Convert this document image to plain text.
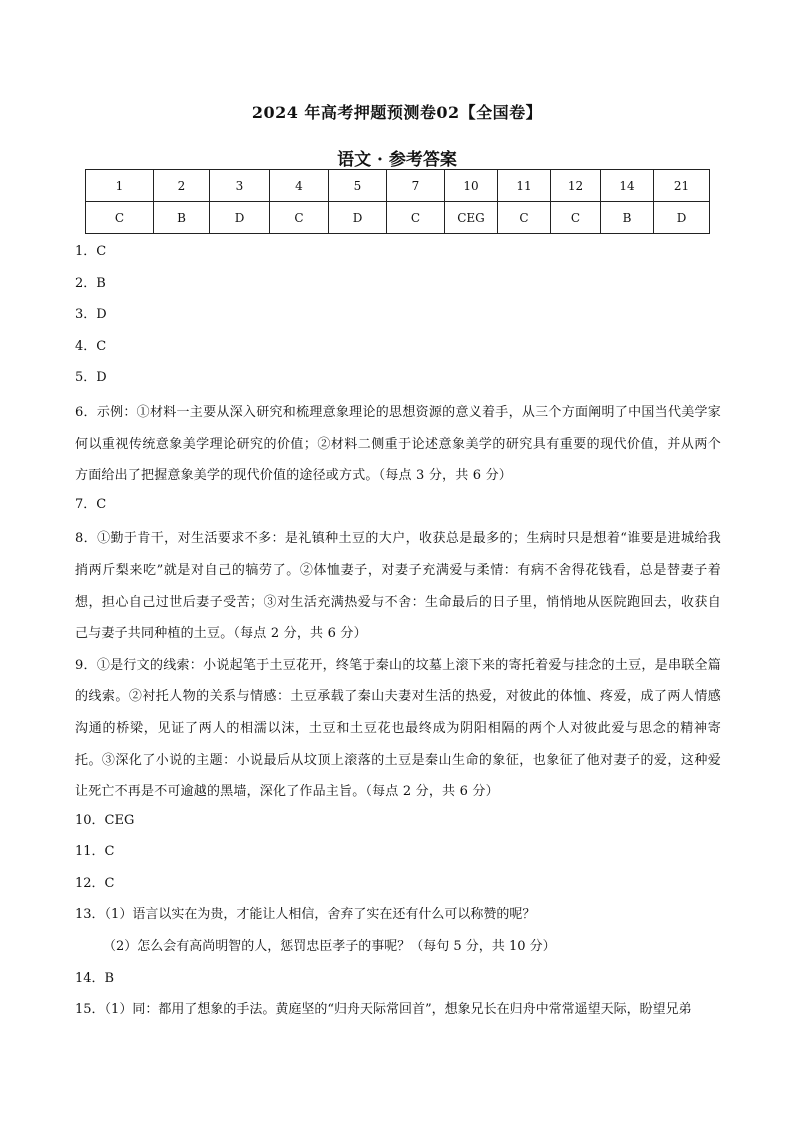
2024 年高考押题预测卷02【全国卷】
语文 · 参考答案
1	2	3	4	5	7	10	11	12	14	21
C	B	D	C	D	C	CEG	C	C	B	D
1．C
2．B
3．D
4．C
5．D
6．示例：①材料一主要从深入研究和梳理意象理论的思想资源的意义着手，从三个方面阐明了中国当代美学家何以重视传统意象美学理论研究的价值；②材料二侧重于论述意象美学的研究具有重要的现代价值，并从两个方面给出了把握意象美学的现代价值的途径或方式。（每点 3 分，共 6 分）
7．C
8．①勤于肯干，对生活要求不多：是礼镇种土豆的大户，收获总是最多的；生病时只是想着“谁要是进城给我捎两斤梨来吃”就是对自己的犒劳了。②体恤妻子，对妻子充满爱与柔情：有病不舍得花钱看，总是替妻子着想，担心自己过世后妻子受苦；③对生活充满热爱与不舍：生命最后的日子里，悄悄地从医院跑回去，收获自己与妻子共同种植的土豆。（每点 2 分，共 6 分）
9．①是行文的线索：小说起笔于土豆花开，终笔于秦山的坟墓上滚下来的寄托着爱与挂念的土豆，是串联全篇的线索。②衬托人物的关系与情感：土豆承载了秦山夫妻对生活的热爱，对彼此的体恤、疼爱，成了两人情感沟通的桥梁，见证了两人的相濡以沫，土豆和土豆花也最终成为阴阳相隔的两个人对彼此爱与思念的精神寄托。③深化了小说的主题：小说最后从坟顶上滚落的土豆是秦山生命的象征，也象征了他对妻子的爱，这种爱让死亡不再是不可逾越的黑墙，深化了作品主旨。（每点 2 分，共 6 分）
10．CEG
11．C
12．C
13．（1）语言以实在为贵，才能让人相信，舍弃了实在还有什么可以称赞的呢？
（2）怎么会有高尚明智的人，惩罚忠臣孝子的事呢？（每句 5 分，共 10 分）
14．B
15．（1）同：都用了想象的手法。黄庭坚的“归舟天际常回首”，想象兄长在归舟中常常遥望天际，盼望兄弟
